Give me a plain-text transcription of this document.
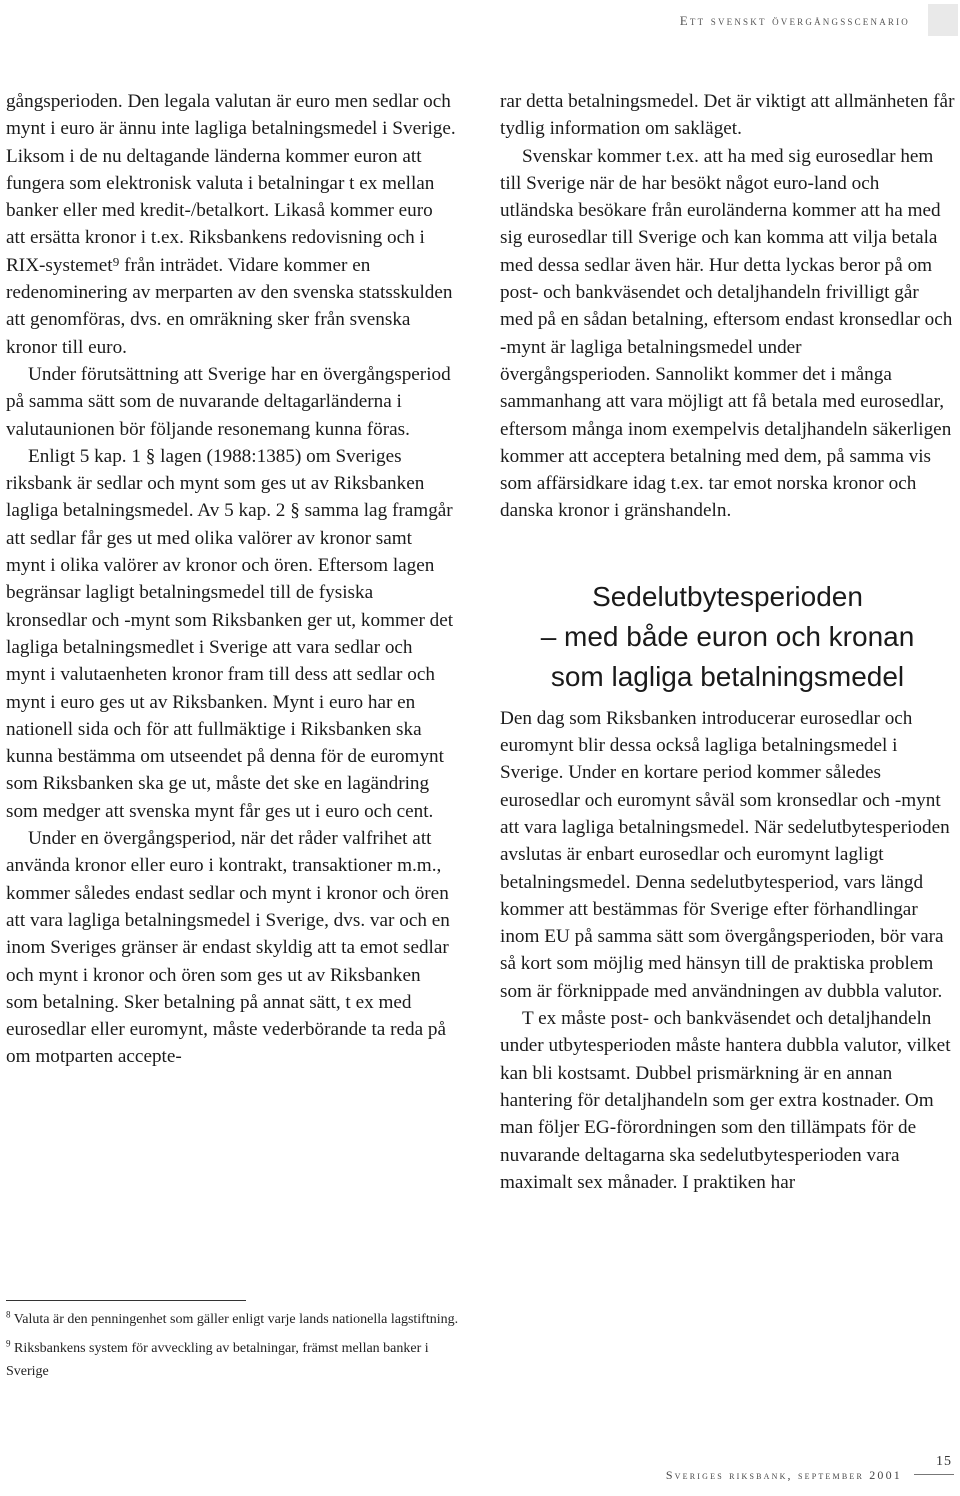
Ett svenskt övergångsscenario

gångsperioden. Den legala valutan är euro men sedlar och mynt i euro är ännu inte lagliga betalningsmedel i Sverige. Liksom i de nu deltagande länderna kommer euron att fungera som elektronisk valuta i betalningar t ex mellan banker eller med kredit-/betalkort. Likaså kommer euro att ersätta kronor i t.ex. Riksbankens redovisning och i RIX-systemet⁹ från inträdet. Vidare kommer en redenominering av merparten av den svenska statsskulden att genomföras, dvs. en omräkning sker från svenska kronor till euro.

Under förutsättning att Sverige har en övergångsperiod på samma sätt som de nuvarande deltagarländerna i valutaunionen bör följande resonemang kunna föras.

Enligt 5 kap. 1 § lagen (1988:1385) om Sveriges riksbank är sedlar och mynt som ges ut av Riksbanken lagliga betalningsmedel. Av 5 kap. 2 § samma lag framgår att sedlar får ges ut med olika valörer av kronor samt mynt i olika valörer av kronor och ören. Eftersom lagen begränsar lagligt betalningsmedel till de fysiska kronsedlar och -mynt som Riksbanken ger ut, kommer det lagliga betalningsmedlet i Sverige att vara sedlar och mynt i valutaenheten kronor fram till dess att sedlar och mynt i euro ges ut av Riksbanken. Mynt i euro har en nationell sida och för att fullmäktige i Riksbanken ska kunna bestämma om utseendet på denna för de euromynt som Riksbanken ska ge ut, måste det ske en lagändring som medger att svenska mynt får ges ut i euro och cent.

Under en övergångsperiod, när det råder valfrihet att använda kronor eller euro i kontrakt, transaktioner m.m., kommer således endast sedlar och mynt i kronor och ören att vara lagliga betalningsmedel i Sverige, dvs. var och en inom Sveriges gränser är endast skyldig att ta emot sedlar och mynt i kronor och ören som ges ut av Riksbanken som betalning. Sker betalning på annat sätt, t ex med eurosedlar eller euromynt, måste vederbörande ta reda på om motparten accepte-

rar detta betalningsmedel. Det är viktigt att allmänheten får tydlig information om sakläget.

Svenskar kommer t.ex. att ha med sig eurosedlar hem till Sverige när de har besökt något euro-land och utländska besökare från euroländerna kommer att ha med sig eurosedlar till Sverige och kan komma att vilja betala med dessa sedlar även här. Hur detta lyckas beror på om post- och bankväsendet och detaljhandeln frivilligt går med på en sådan betalning, eftersom endast kronsedlar och -mynt är lagliga betalningsmedel under övergångsperioden. Sannolikt kommer det i många sammanhang att vara möjligt att få betala med eurosedlar, eftersom många inom exempelvis detaljhandeln säkerligen kommer att acceptera betalning med dem, på samma vis som affärsidkare idag t.ex. tar emot norska kronor och danska kronor i gränshandeln.

Sedelutbytesperioden
– med både euron och kronan
som lagliga betalningsmedel

Den dag som Riksbanken introducerar eurosedlar och euromynt blir dessa också lagliga betalningsmedel i Sverige. Under en kortare period kommer således eurosedlar och euromynt såväl som kronsedlar och -mynt att vara lagliga betalningsmedel. När sedelutbytesperioden avslutas är enbart eurosedlar och euromynt lagligt betalningsmedel. Denna sedelutbytesperiod, vars längd kommer att bestämmas för Sverige efter förhandlingar inom EU på samma sätt som övergångsperioden, bör vara så kort som möjlig med hänsyn till de praktiska problem som är förknippade med användningen av dubbla valutor.

T ex måste post- och bankväsendet och detaljhandeln under utbytesperioden måste hantera dubbla valutor, vilket kan bli kostsamt. Dubbel prismärkning är en annan hantering för detaljhandeln som ger extra kostnader. Om man följer EG-förordningen som den tillämpats för de nuvarande deltagarna ska sedelutbytesperioden vara maximalt sex månader. I praktiken har

$^8$ Valuta är den penningenhet som gäller enligt varje lands nationella lagstiftning.

$^9$ Riksbankens system för avveckling av betalningar, främst mellan banker i Sverige

Sveriges riksbank, september 2001
15
